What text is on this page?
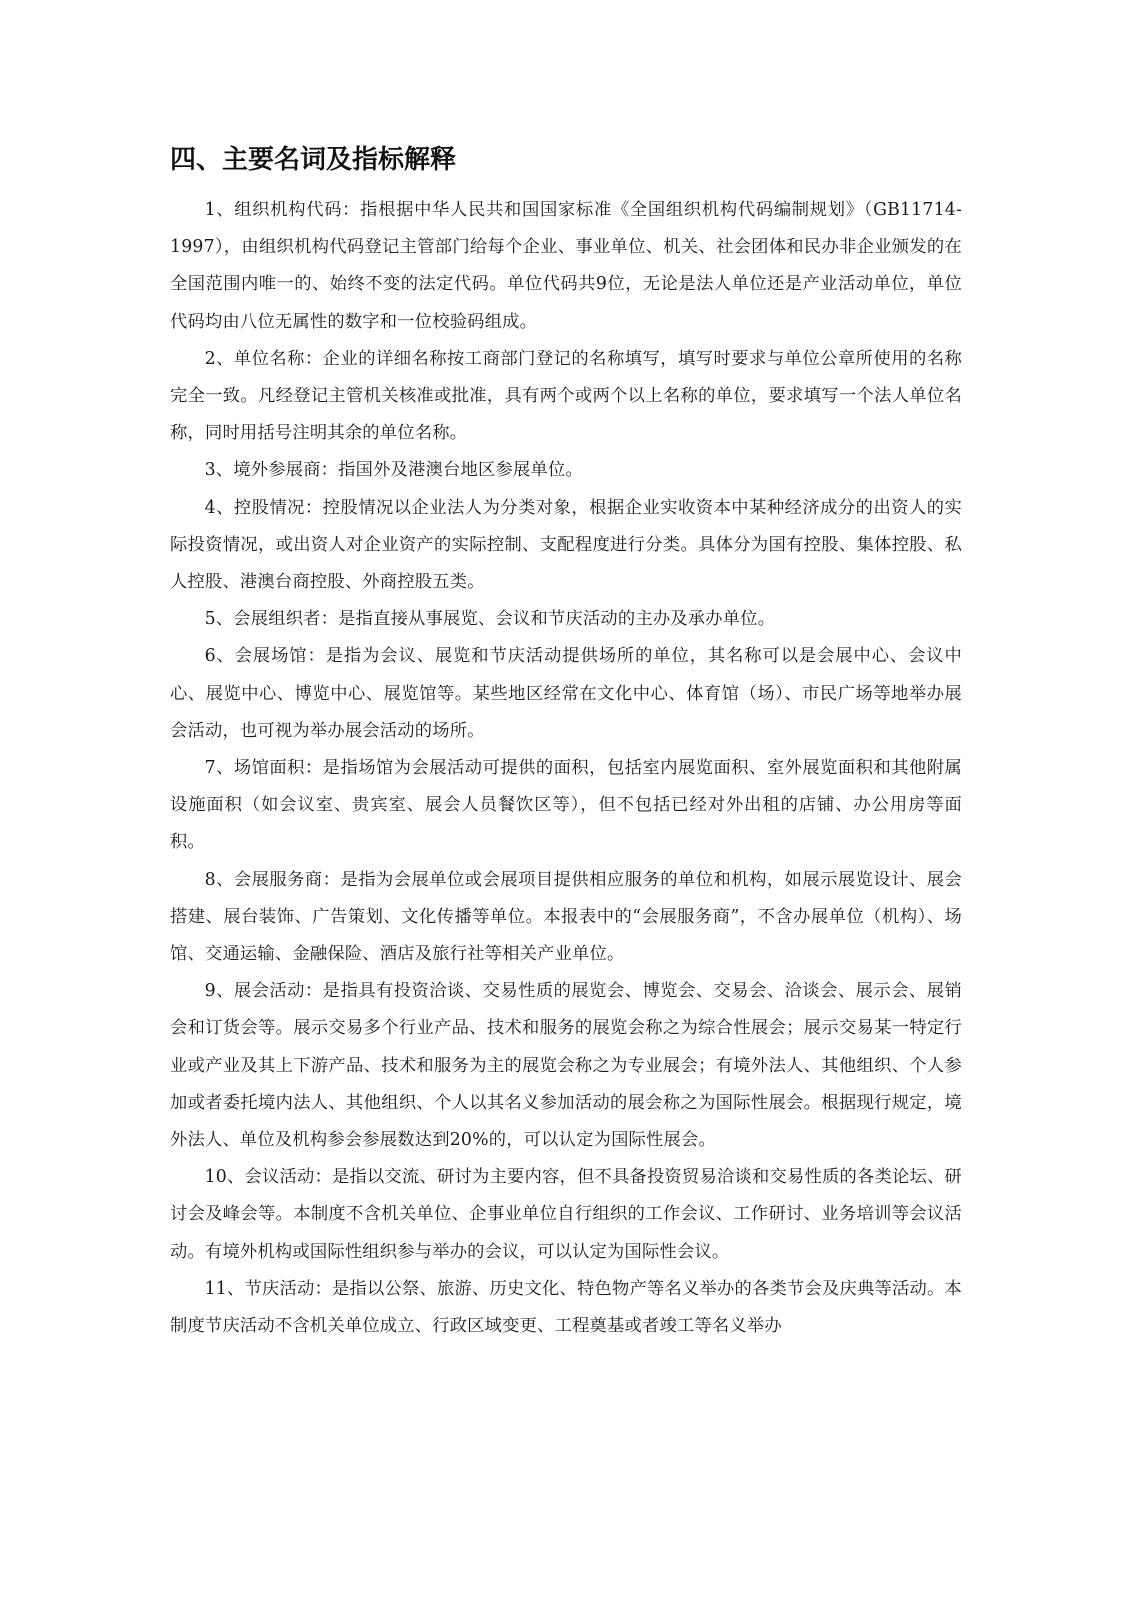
四、主要名词及指标解释

1、组织机构代码：指根据中华人民共和国国家标准《全国组织机构代码编制规划》（GB11714-1997），由组织机构代码登记主管部门给每个企业、事业单位、机关、社会团体和民办非企业颁发的在全国范围内唯一的、始终不变的法定代码。单位代码共9位，无论是法人单位还是产业活动单位，单位代码均由八位无属性的数字和一位校验码组成。

2、单位名称：企业的详细名称按工商部门登记的名称填写，填写时要求与单位公章所使用的名称完全一致。凡经登记主管机关核准或批准，具有两个或两个以上名称的单位，要求填写一个法人单位名称，同时用括号注明其余的单位名称。

3、境外参展商：指国外及港澳台地区参展单位。

4、控股情况：控股情况以企业法人为分类对象，根据企业实收资本中某种经济成分的出资人的实际投资情况，或出资人对企业资产的实际控制、支配程度进行分类。具体分为国有控股、集体控股、私人控股、港澳台商控股、外商控股五类。

5、会展组织者：是指直接从事展览、会议和节庆活动的主办及承办单位。

6、会展场馆：是指为会议、展览和节庆活动提供场所的单位，其名称可以是会展中心、会议中心、展览中心、博览中心、展览馆等。某些地区经常在文化中心、体育馆（场）、市民广场等地举办展会活动，也可视为举办展会活动的场所。

7、场馆面积：是指场馆为会展活动可提供的面积，包括室内展览面积、室外展览面积和其他附属设施面积（如会议室、贵宾室、展会人员餐饮区等），但不包括已经对外出租的店铺、办公用房等面积。

8、会展服务商：是指为会展单位或会展项目提供相应服务的单位和机构，如展示展览设计、展会搭建、展台装饰、广告策划、文化传播等单位。本报表中的“会展服务商”，不含办展单位（机构）、场馆、交通运输、金融保险、酒店及旅行社等相关产业单位。

9、展会活动：是指具有投资洽谈、交易性质的展览会、博览会、交易会、洽谈会、展示会、展销会和订货会等。展示交易多个行业产品、技术和服务的展览会称之为综合性展会；展示交易某一特定行业或产业及其上下游产品、技术和服务为主的展览会称之为专业展会；有境外法人、其他组织、个人参加或者委托境内法人、其他组织、个人以其名义参加活动的展会称之为国际性展会。根据现行规定，境外法人、单位及机构参会参展数达到20%的，可以认定为国际性展会。

10、会议活动：是指以交流、研讨为主要内容，但不具备投资贸易洽谈和交易性质的各类论坛、研讨会及峰会等。本制度不含机关单位、企事业单位自行组织的工作会议、工作研讨、业务培训等会议活动。有境外机构或国际性组织参与举办的会议，可以认定为国际性会议。

11、节庆活动：是指以公祭、旅游、历史文化、特色物产等名义举办的各类节会及庆典等活动。本制度节庆活动不含机关单位成立、行政区域变更、工程奠基或者竣工等名义举办
